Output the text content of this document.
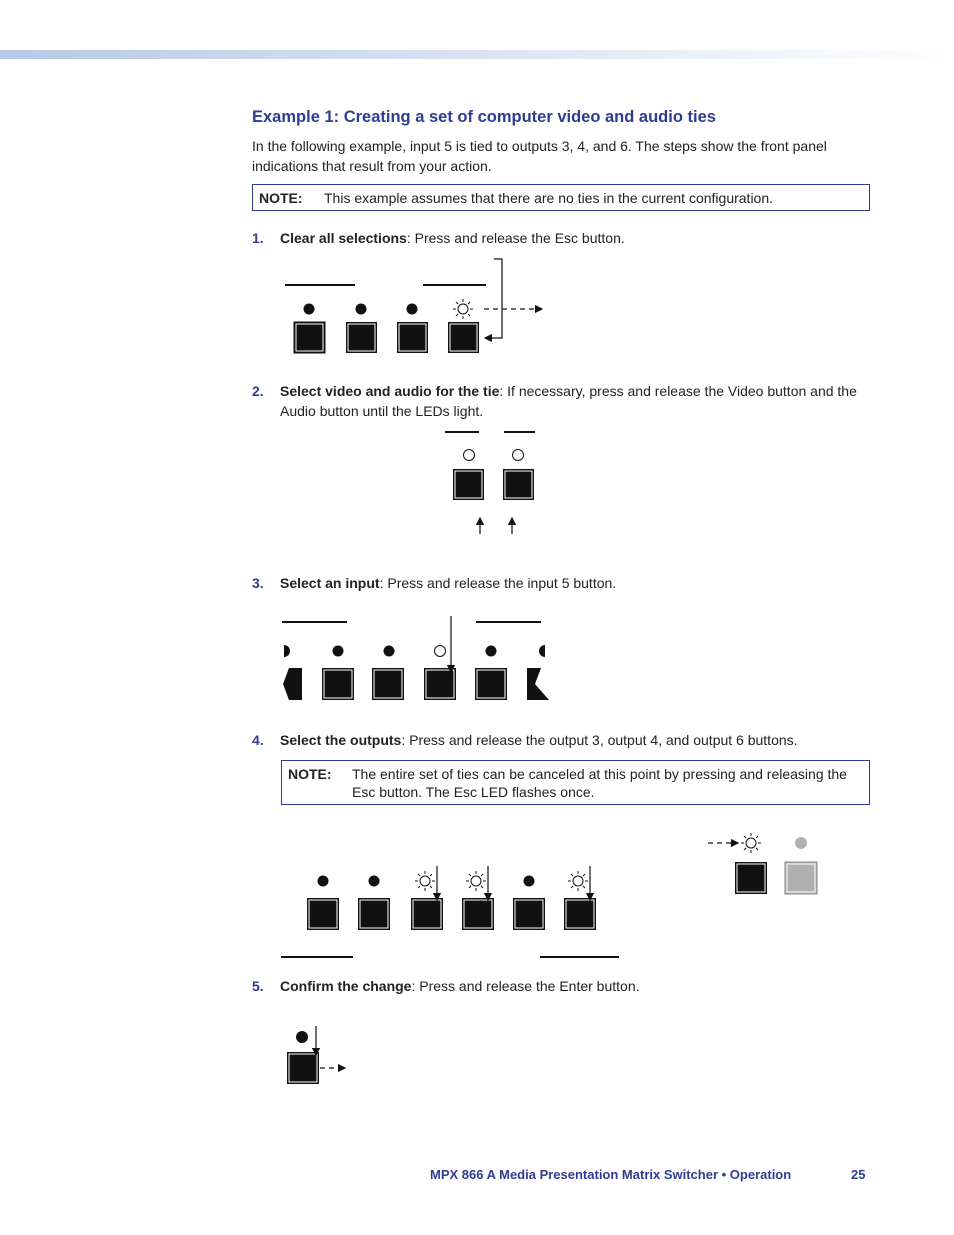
Example 1: Creating a set of computer video and audio ties

In the following example, input 5 is tied to outputs 3, 4, and 6. The steps show the front panel indications that result from your action.

NOTE: This example assumes that there are no ties in the current configuration.
1. Clear all selections: Press and release the Esc button.
2. Select video and audio for the tie: If necessary, press and release the Video button and the Audio button until the LEDs light.
3. Select an input: Press and release the input 5 button.
4. Select the outputs: Press and release the output 3, output 4, and output 6 buttons.
NOTE: The entire set of ties can be canceled at this point by pressing and releasing the Esc button. The Esc LED flashes once.
5. Confirm the change: Press and release the Enter button.
MPX 866 A Media Presentation Matrix Switcher • Operation	25
